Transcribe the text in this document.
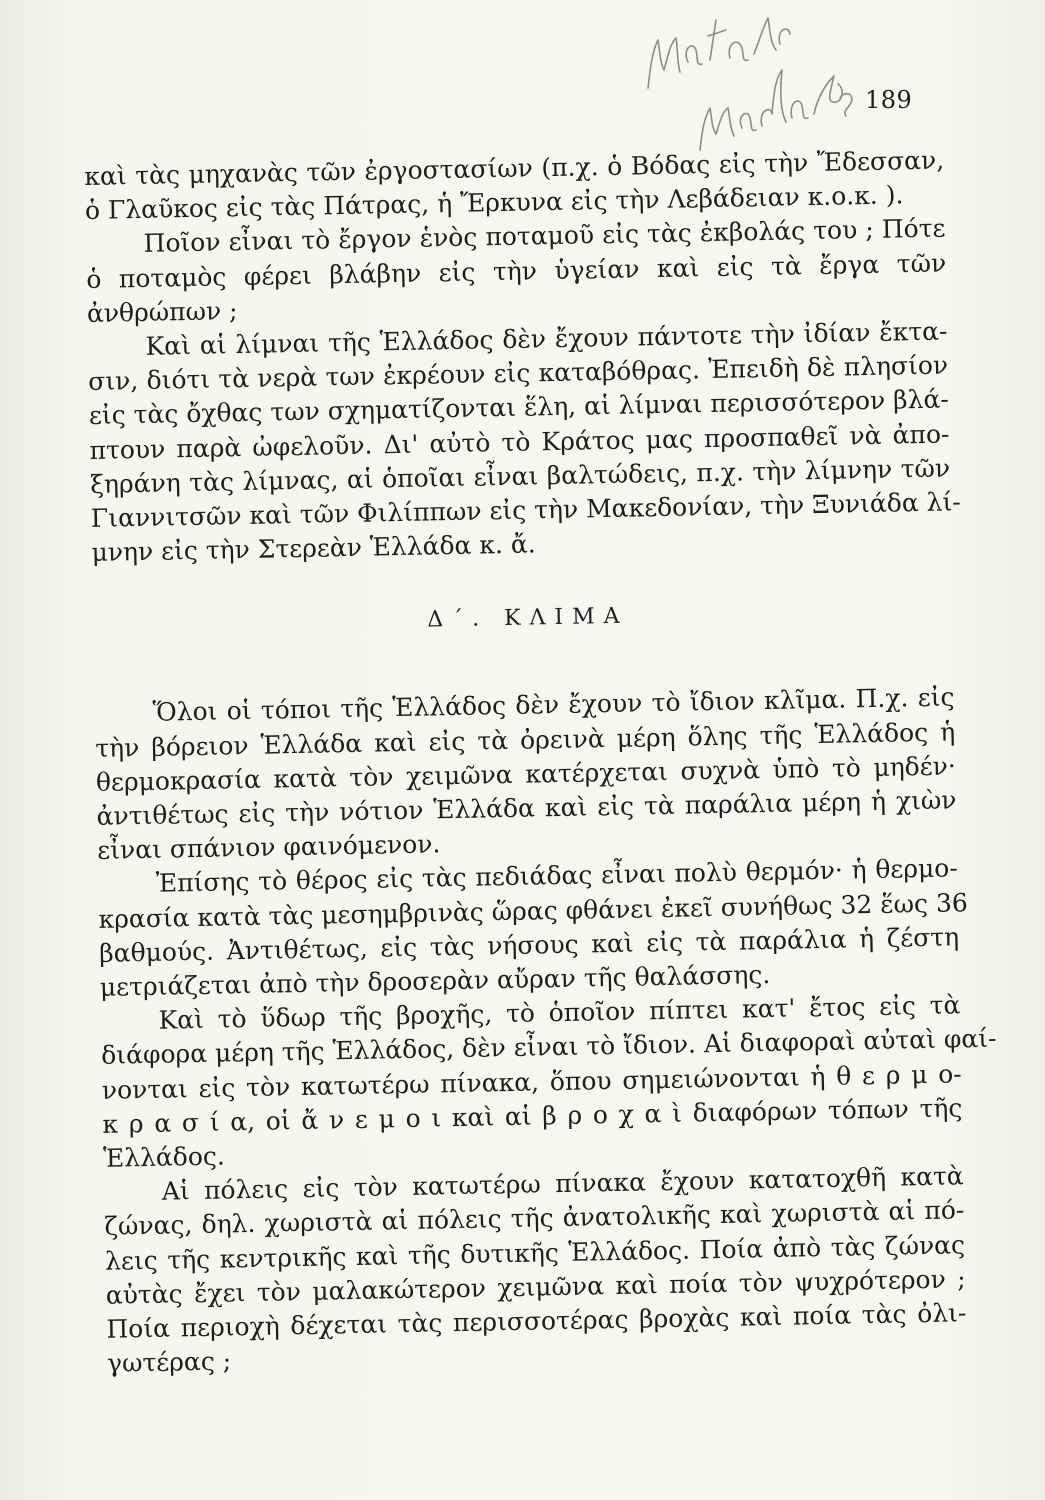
189

καὶ τὰς μηχανὰς τῶν ἐργοστασίων (π.χ. ὁ Βόδας εἰς τὴν Ἔδεσσαν,
ὁ Γλαῦκος εἰς τὰς Πάτρας, ἡ Ἔρκυνα εἰς τὴν Λεβάδειαν κ.ο.κ. ).

Ποῖον εἶναι τὸ ἔργον ἑνὸς ποταμοῦ εἰς τὰς ἐκβολάς του ; Πότε
ὁ ποταμὸς φέρει βλάβην εἰς τὴν ὑγείαν καὶ εἰς τὰ ἔργα τῶν
ἀνθρώπων ;

Καὶ αἱ λίμναι τῆς Ἑλλάδος δὲν ἔχουν πάντοτε τὴν ἰδίαν ἔκτα-
σιν, διότι τὰ νερὰ των ἐκρέουν εἰς καταβόθρας. Ἐπειδὴ δὲ πλησίον
εἰς τὰς ὄχθας των σχηματίζονται ἕλη, αἱ λίμναι περισσότερον βλά-
πτουν παρὰ ὠφελοῦν. Δι' αὐτὸ τὸ Κράτος μας προσπαθεῖ νὰ ἀπο-
ξηράνη τὰς λίμνας, αἱ ὁποῖαι εἶναι βαλτώδεις, π.χ. τὴν λίμνην τῶν
Γιαννιτσῶν καὶ τῶν Φιλίππων εἰς τὴν Μακεδονίαν, τὴν Ξυνιάδα λί-
μνην εἰς τὴν Στερεὰν Ἑλλάδα κ. ἄ.

Δ΄. ΚΛΙΜΑ

Ὅλοι οἱ τόποι τῆς Ἑλλάδος δὲν ἔχουν τὸ ἴδιον κλῖμα. Π.χ. εἰς
τὴν βόρειον Ἑλλάδα καὶ εἰς τὰ ὀρεινὰ μέρη ὅλης τῆς Ἑλλάδος ἡ
θερμοκρασία κατὰ τὸν χειμῶνα κατέρχεται συχνὰ ὑπὸ τὸ μηδέν·
ἀντιθέτως εἰς τὴν νότιον Ἑλλάδα καὶ εἰς τὰ παράλια μέρη ἡ χιὼν
εἶναι σπάνιον φαινόμενον.

Ἐπίσης τὸ θέρος εἰς τὰς πεδιάδας εἶναι πολὺ θερμόν· ἡ θερμο-
κρασία κατὰ τὰς μεσημβρινὰς ὥρας φθάνει ἐκεῖ συνήθως 32 ἕως 36
βαθμούς. Ἀντιθέτως, εἰς τὰς νήσους καὶ εἰς τὰ παράλια ἡ ζέστη
μετριάζεται ἀπὸ τὴν δροσερὰν αὔραν τῆς θαλάσσης.

Καὶ τὸ ὕδωρ τῆς βροχῆς, τὸ ὁποῖον πίπτει κατ' ἔτος εἰς τὰ
διάφορα μέρη τῆς Ἑλλάδος, δὲν εἶναι τὸ ἴδιον. Αἱ διαφοραὶ αὐταὶ φαί-
νονται εἰς τὸν κατωτέρω πίνακα, ὅπου σημειώνονται ἡ θ ε ρ μ ο-
κ ρ α σ ί α, οἱ ἄ ν ε μ ο ι καὶ αἱ β ρ ο χ α ὶ διαφόρων τόπων τῆς
Ἑλλάδος.

Αἱ πόλεις εἰς τὸν κατωτέρω πίνακα ἔχουν κατατοχθῆ κατὰ
ζώνας, δηλ. χωριστὰ αἱ πόλεις τῆς ἀνατολικῆς καὶ χωριστὰ αἱ πό-
λεις τῆς κεντρικῆς καὶ τῆς δυτικῆς Ἑλλάδος. Ποία ἀπὸ τὰς ζώνας
αὐτὰς ἔχει τὸν μαλακώτερον χειμῶνα καὶ ποία τὸν ψυχρότερον ;
Ποία περιοχὴ δέχεται τὰς περισσοτέρας βροχὰς καὶ ποία τὰς ὀλι-
γωτέρας ;
